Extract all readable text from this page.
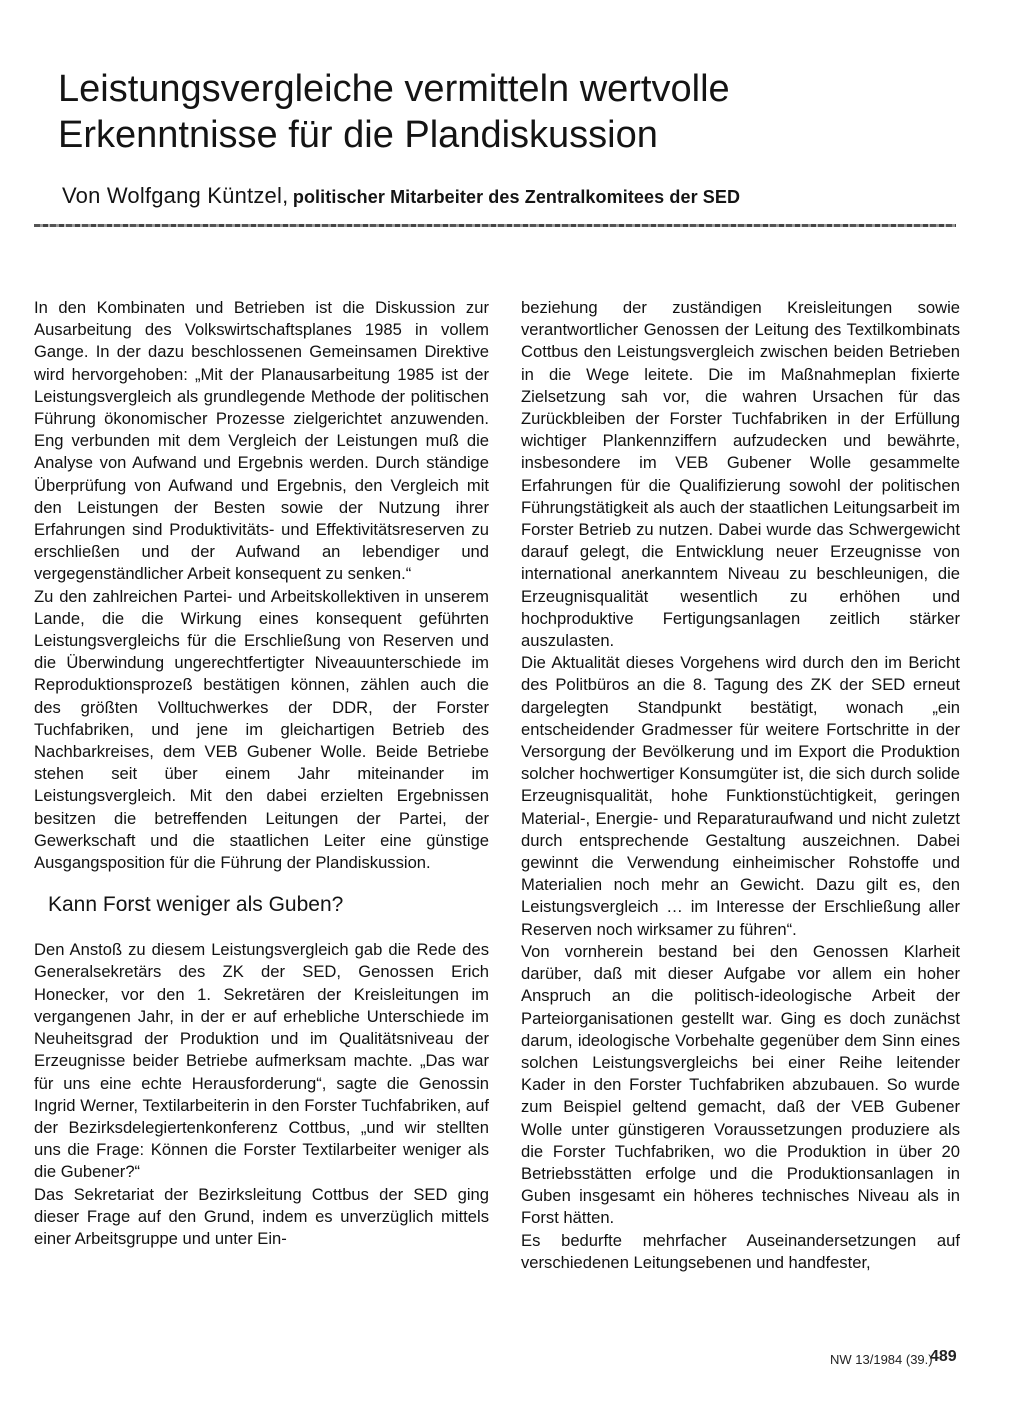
Leistungsvergleiche vermitteln wertvolle
Erkenntnisse für die Plandiskussion
Von Wolfgang Küntzel, politischer Mitarbeiter des Zentralkomitees der SED

In den Kombinaten und Betrieben ist die Diskussion zur Ausarbeitung des Volkswirtschaftsplanes 1985 in vollem Gange. In der dazu beschlossenen Gemeinsamen Direktive wird hervorgehoben: „Mit der Planausarbeitung 1985 ist der Leistungsvergleich als grundlegende Methode der politischen Führung ökonomischer Prozesse zielgerichtet anzuwenden. Eng verbunden mit dem Vergleich der Leistungen muß die Analyse von Aufwand und Ergebnis werden. Durch ständige Überprüfung von Aufwand und Ergebnis, den Vergleich mit den Leistungen der Besten sowie der Nutzung ihrer Erfahrungen sind Produktivitäts- und Effektivitätsreserven zu erschließen und der Aufwand an lebendiger und vergegenständlicher Arbeit konsequent zu senken.“

Zu den zahlreichen Partei- und Arbeitskollektiven in unserem Lande, die die Wirkung eines konsequent geführten Leistungsvergleichs für die Erschließung von Reserven und die Überwindung ungerechtfertigter Niveauunterschiede im Reproduktionsprozeß bestätigen können, zählen auch die des größten Volltuchwerkes der DDR, der Forster Tuchfabriken, und jene im gleichartigen Betrieb des Nachbarkreises, dem VEB Gubener Wolle. Beide Betriebe stehen seit über einem Jahr miteinander im Leistungsvergleich. Mit den dabei erzielten Ergebnissen besitzen die betreffenden Leitungen der Partei, der Gewerkschaft und die staatlichen Leiter eine günstige Ausgangsposition für die Führung der Plandiskussion.

Kann Forst weniger als Guben?

Den Anstoß zu diesem Leistungsvergleich gab die Rede des Generalsekretärs des ZK der SED, Genossen Erich Honecker, vor den 1. Sekretären der Kreisleitungen im vergangenen Jahr, in der er auf erhebliche Unterschiede im Neuheitsgrad der Produktion und im Qualitätsniveau der Erzeugnisse beider Betriebe aufmerksam machte. „Das war für uns eine echte Herausforderung“, sagte die Genossin Ingrid Werner, Textilarbeiterin in den Forster Tuchfabriken, auf der Bezirksdelegiertenkonferenz Cottbus, „und wir stellten uns die Frage: Können die Forster Textilarbeiter weniger als die Gubener?“

Das Sekretariat der Bezirksleitung Cottbus der SED ging dieser Frage auf den Grund, indem es unverzüglich mittels einer Arbeitsgruppe und unter Ein-

beziehung der zuständigen Kreisleitungen sowie verantwortlicher Genossen der Leitung des Textilkombinats Cottbus den Leistungsvergleich zwischen beiden Betrieben in die Wege leitete. Die im Maßnahmeplan fixierte Zielsetzung sah vor, die wahren Ursachen für das Zurückbleiben der Forster Tuchfabriken in der Erfüllung wichtiger Plankennziffern aufzudecken und bewährte, insbesondere im VEB Gubener Wolle gesammelte Erfahrungen für die Qualifizierung sowohl der politischen Führungstätigkeit als auch der staatlichen Leitungsarbeit im Forster Betrieb zu nutzen. Dabei wurde das Schwergewicht darauf gelegt, die Entwicklung neuer Erzeugnisse von international anerkanntem Niveau zu beschleunigen, die Erzeugnisqualität wesentlich zu erhöhen und hochproduktive Fertigungsanlagen zeitlich stärker auszulasten.

Die Aktualität dieses Vorgehens wird durch den im Bericht des Politbüros an die 8. Tagung des ZK der SED erneut dargelegten Standpunkt bestätigt, wonach „ein entscheidender Gradmesser für weitere Fortschritte in der Versorgung der Bevölkerung und im Export die Produktion solcher hochwertiger Konsumgüter ist, die sich durch solide Erzeugnisqualität, hohe Funktionstüchtigkeit, geringen Material-, Energie- und Reparaturaufwand und nicht zuletzt durch entsprechende Gestaltung auszeichnen. Dabei gewinnt die Verwendung einheimischer Rohstoffe und Materialien noch mehr an Gewicht. Dazu gilt es, den Leistungsvergleich … im Interesse der Erschließung aller Reserven noch wirksamer zu führen“.

Von vornherein bestand bei den Genossen Klarheit darüber, daß mit dieser Aufgabe vor allem ein hoher Anspruch an die politisch-ideologische Arbeit der Parteiorganisationen gestellt war. Ging es doch zunächst darum, ideologische Vorbehalte gegenüber dem Sinn eines solchen Leistungsvergleichs bei einer Reihe leitender Kader in den Forster Tuchfabriken abzubauen. So wurde zum Beispiel geltend gemacht, daß der VEB Gubener Wolle unter günstigeren Voraussetzungen produziere als die Forster Tuchfabriken, wo die Produktion in über 20 Betriebsstätten erfolge und die Produktionsanlagen in Guben insgesamt ein höheres technisches Niveau als in Forst hätten.

Es bedurfte mehrfacher Auseinandersetzungen auf verschiedenen Leitungsebenen und handfester,

NW 13/1984 (39.)
489
